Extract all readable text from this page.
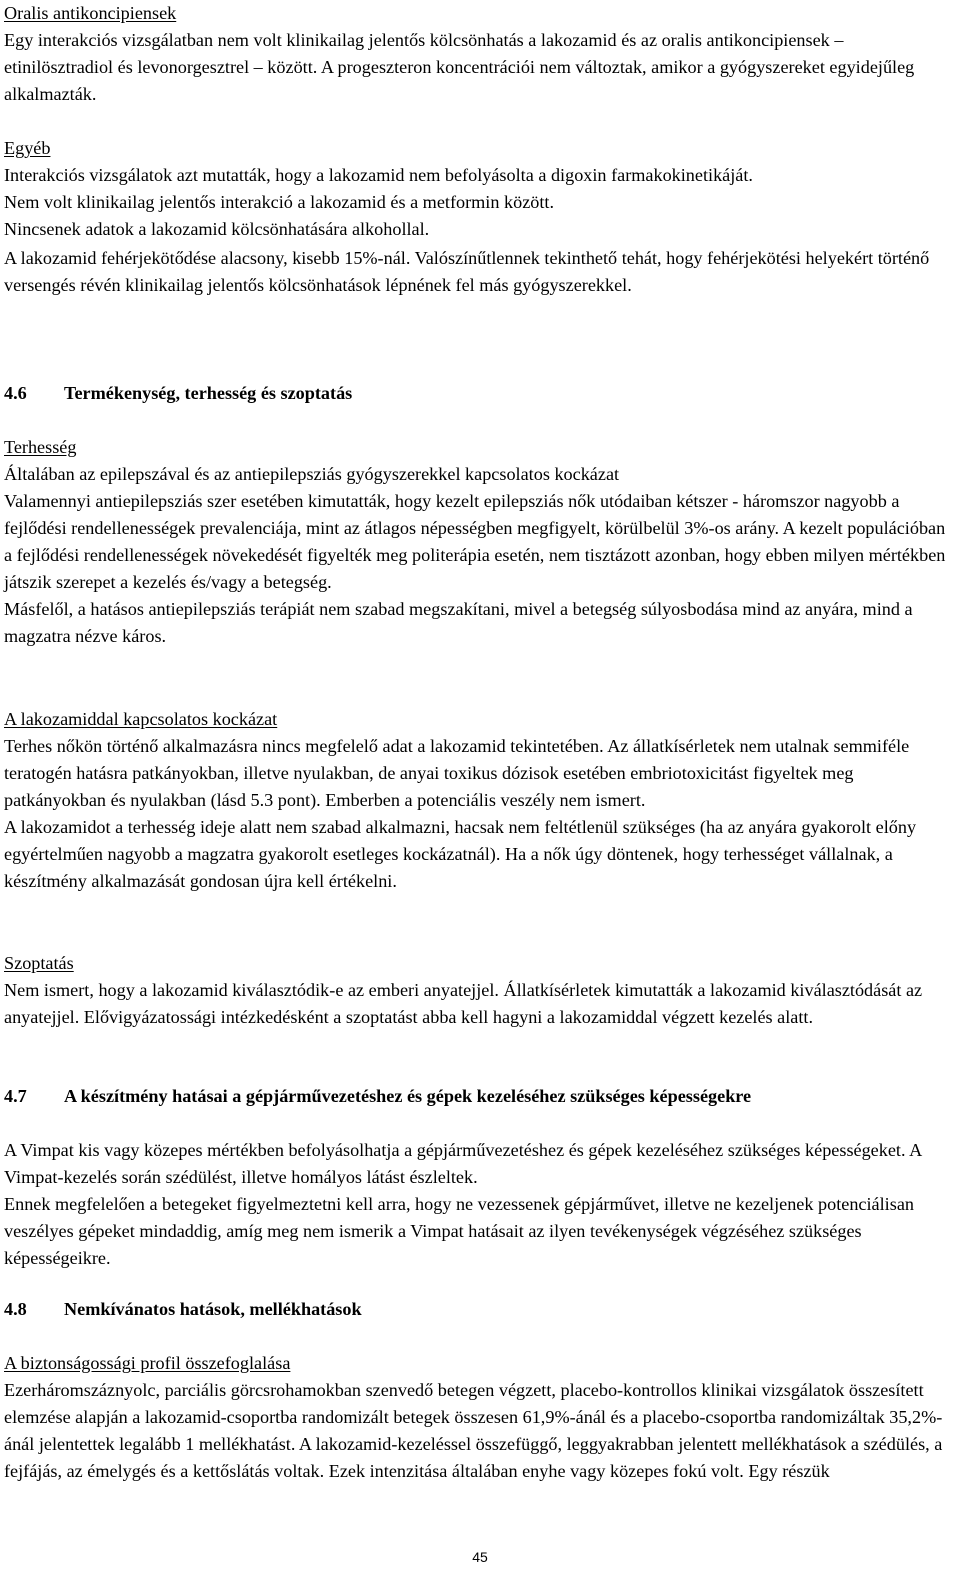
Oralis antikoncipiensek

Egy interakciós vizsgálatban nem volt klinikailag jelentős kölcsönhatás a lakozamid és az oralis antikoncipiensek – etinilösztradiol és levonorgesztrel – között. A progeszteron koncentrációi nem változtak, amikor a gyógyszereket egyidejűleg alkalmazták.

Egyéb

Interakciós vizsgálatok azt mutatták, hogy a lakozamid nem befolyásolta a digoxin farmakokinetikáját.

Nem volt klinikailag jelentős interakció a lakozamid és a metformin között.

Nincsenek adatok a lakozamid kölcsönhatására alkohollal.

A lakozamid fehérjekötődése alacsony, kisebb 15%-nál. Valószínűtlennek tekinthető tehát, hogy fehérjekötési helyekért történő versengés révén klinikailag jelentős kölcsönhatások lépnének fel más gyógyszerekkel.

4.6 Termékenység, terhesség és szoptatás

Terhesség

Általában az epilepszával és az antiepilepsziás gyógyszerekkel kapcsolatos kockázat

Valamennyi antiepilepsziás szer esetében kimutatták, hogy kezelt epilepsziás nők utódaiban kétszer - háromszor nagyobb a fejlődési rendellenességek prevalenciája, mint az átlagos népességben megfigyelt, körülbelül 3%-os arány. A kezelt populációban a fejlődési rendellenességek növekedését figyelték meg politerápia esetén, nem tisztázott azonban, hogy ebben milyen mértékben játszik szerepet a kezelés és/vagy a betegség.

Másfelől, a hatásos antiepilepsziás terápiát nem szabad megszakítani, mivel a betegség súlyosbodása mind az anyára, mind a magzatra nézve káros.

A lakozamiddal kapcsolatos kockázat

Terhes nőkön történő alkalmazásra nincs megfelelő adat a lakozamid tekintetében. Az állatkísérletek nem utalnak semmiféle teratogén hatásra patkányokban, illetve nyulakban, de anyai toxikus dózisok esetében embriotoxicitást figyeltek meg patkányokban és nyulakban (lásd 5.3 pont). Emberben a potenciális veszély nem ismert.

A lakozamidot a terhesség ideje alatt nem szabad alkalmazni, hacsak nem feltétlenül szükséges (ha az anyára gyakorolt előny egyértelműen nagyobb a magzatra gyakorolt esetleges kockázatnál). Ha a nők úgy döntenek, hogy terhességet vállalnak, a készítmény alkalmazását gondosan újra kell értékelni.

Szoptatás

Nem ismert, hogy a lakozamid kiválasztódik-e az emberi anyatejjel. Állatkísérletek kimutatták a lakozamid kiválasztódását az anyatejjel. Elővigyázatossági intézkedésként a szoptatást abba kell hagyni a lakozamiddal végzett kezelés alatt.

4.7 A készítmény hatásai a gépjárművezetéshez és gépek kezeléséhez szükséges képességekre

A Vimpat kis vagy közepes mértékben befolyásolhatja a gépjárművezetéshez és gépek kezeléséhez szükséges képességeket. A Vimpat-kezelés során szédülést, illetve homályos látást észleltek.

Ennek megfelelően a betegeket figyelmeztetni kell arra, hogy ne vezessenek gépjárművet, illetve ne kezeljenek potenciálisan veszélyes gépeket mindaddig, amíg meg nem ismerik a Vimpat hatásait az ilyen tevékenységek végzéséhez szükséges képességeikre.

4.8 Nemkívánatos hatások, mellékhatások

A biztonságossági profil összefoglalása

Ezerháromszáznyolc, parciális görcsrohamokban szenvedő betegen végzett, placebo-kontrollos klinikai vizsgálatok összesített elemzése alapján a lakozamid-csoportba randomizált betegek összesen 61,9%-ánál és a placebo-csoportba randomizáltak 35,2%-ánál jelentettek legalább 1 mellékhatást. A lakozamid-kezeléssel összefüggő, leggyakrabban jelentett mellékhatások a szédülés, a fejfájás, az émelygés és a kettőslátás voltak. Ezek intenzitása általában enyhe vagy közepes fokú volt. Egy részük

45
